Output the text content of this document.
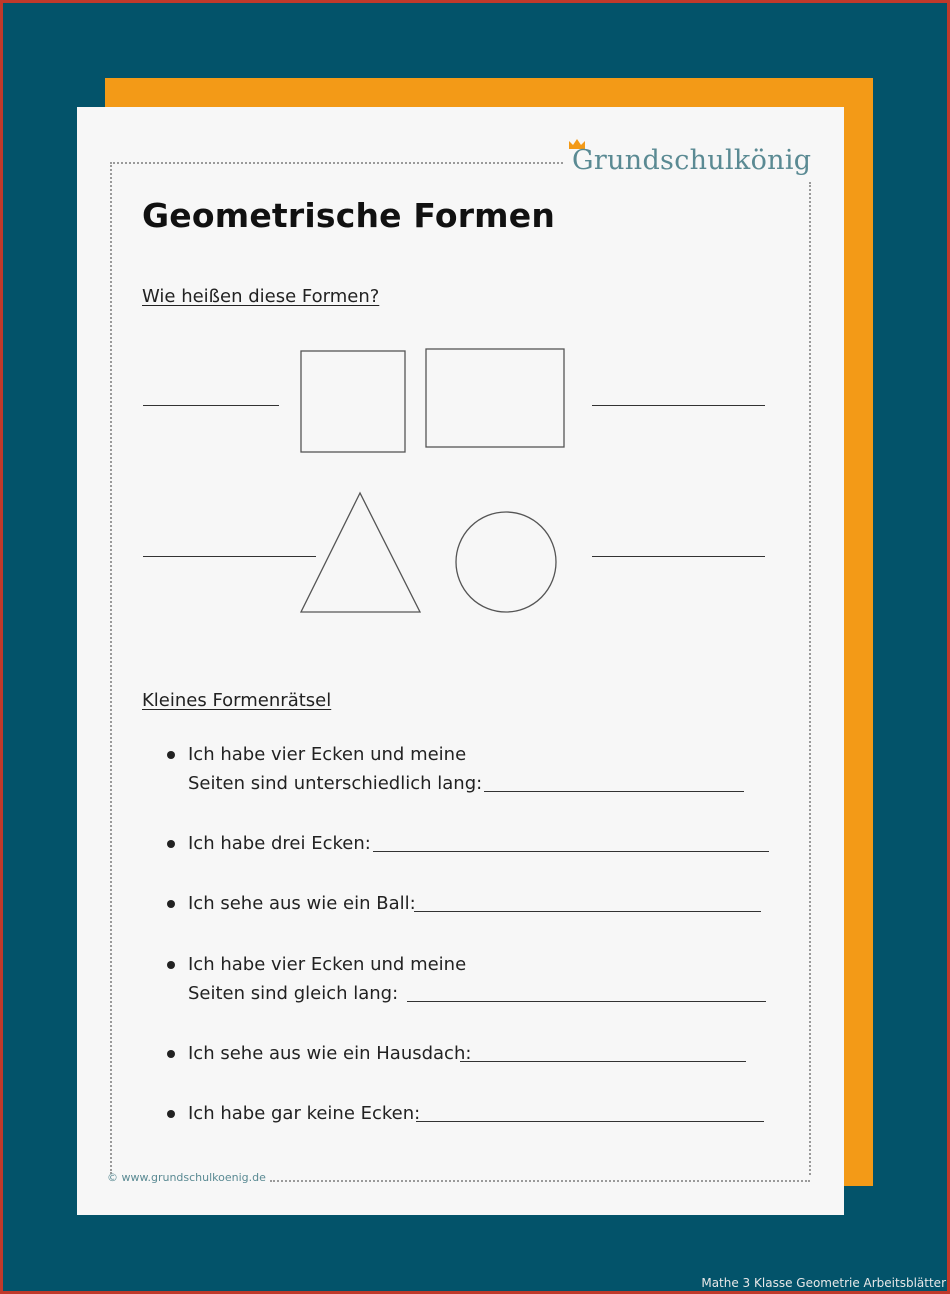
Grundschulkönig
Geometrische Formen
Wie heißen diese Formen?
Kleines Formenrätsel
Ich habe vier Ecken und meine
Seiten sind unterschiedlich lang:
Ich habe drei Ecken:
Ich sehe aus wie ein Ball:
Ich habe vier Ecken und meine
Seiten sind gleich lang:
Ich sehe aus wie ein Hausdach:
Ich habe gar keine Ecken:
© www.grundschulkoenig.de
Mathe 3 Klasse Geometrie Arbeitsblätter
